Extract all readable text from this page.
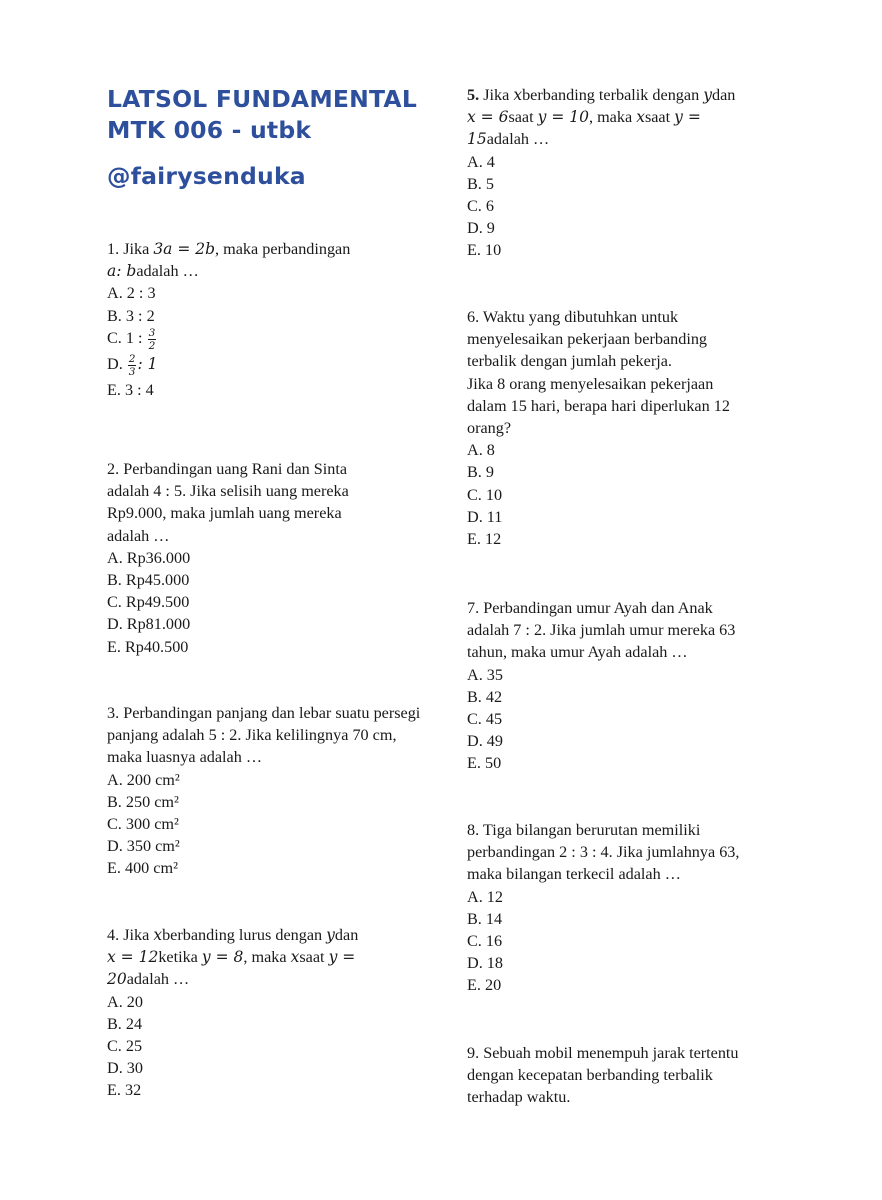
LATSOL FUNDAMENTAL
MTK 006 - utbk
@fairysenduka
1. Jika 3a = 2b, maka perbandingan
a: badalah …
A. 2 : 3
B. 3 : 2
C. 1 : $\frac{3}{2}$
D. $\frac{2}{3}$ : 1
E. 3 : 4
2. Perbandingan uang Rani dan Sinta adalah 4 : 5. Jika selisih uang mereka Rp9.000, maka jumlah uang mereka adalah …
A. Rp36.000
B. Rp45.000
C. Rp49.500
D. Rp81.000
E. Rp40.500
3. Perbandingan panjang dan lebar suatu persegi panjang adalah 5 : 2. Jika kelilingnya 70 cm, maka luasnya adalah …
A. 200 cm²
B. 250 cm²
C. 300 cm²
D. 350 cm²
E. 400 cm²
4. Jika xberbanding lurus dengan ydan
x = 12ketika y = 8, maka xsaat y =
20adalah …
A. 20
B. 24
C. 25
D. 30
E. 32
5. Jika xberbanding terbalik dengan ydan
x = 6saat y = 10, maka xsaat y =
15adalah …
A. 4
B. 5
C. 6
D. 9
E. 10
6. Waktu yang dibutuhkan untuk
menyelesaikan pekerjaan berbanding
terbalik dengan jumlah pekerja.
Jika 8 orang menyelesaikan pekerjaan
dalam 15 hari, berapa hari diperlukan 12
orang?
A. 8
B. 9
C. 10
D. 11
E. 12
7. Perbandingan umur Ayah dan Anak
adalah 7 : 2. Jika jumlah umur mereka 63
tahun, maka umur Ayah adalah …
A. 35
B. 42
C. 45
D. 49
E. 50
8. Tiga bilangan berurutan memiliki
perbandingan 2 : 3 : 4. Jika jumlahnya 63,
maka bilangan terkecil adalah …
A. 12
B. 14
C. 16
D. 18
E. 20
9. Sebuah mobil menempuh jarak tertentu
dengan kecepatan berbanding terbalik
terhadap waktu.
